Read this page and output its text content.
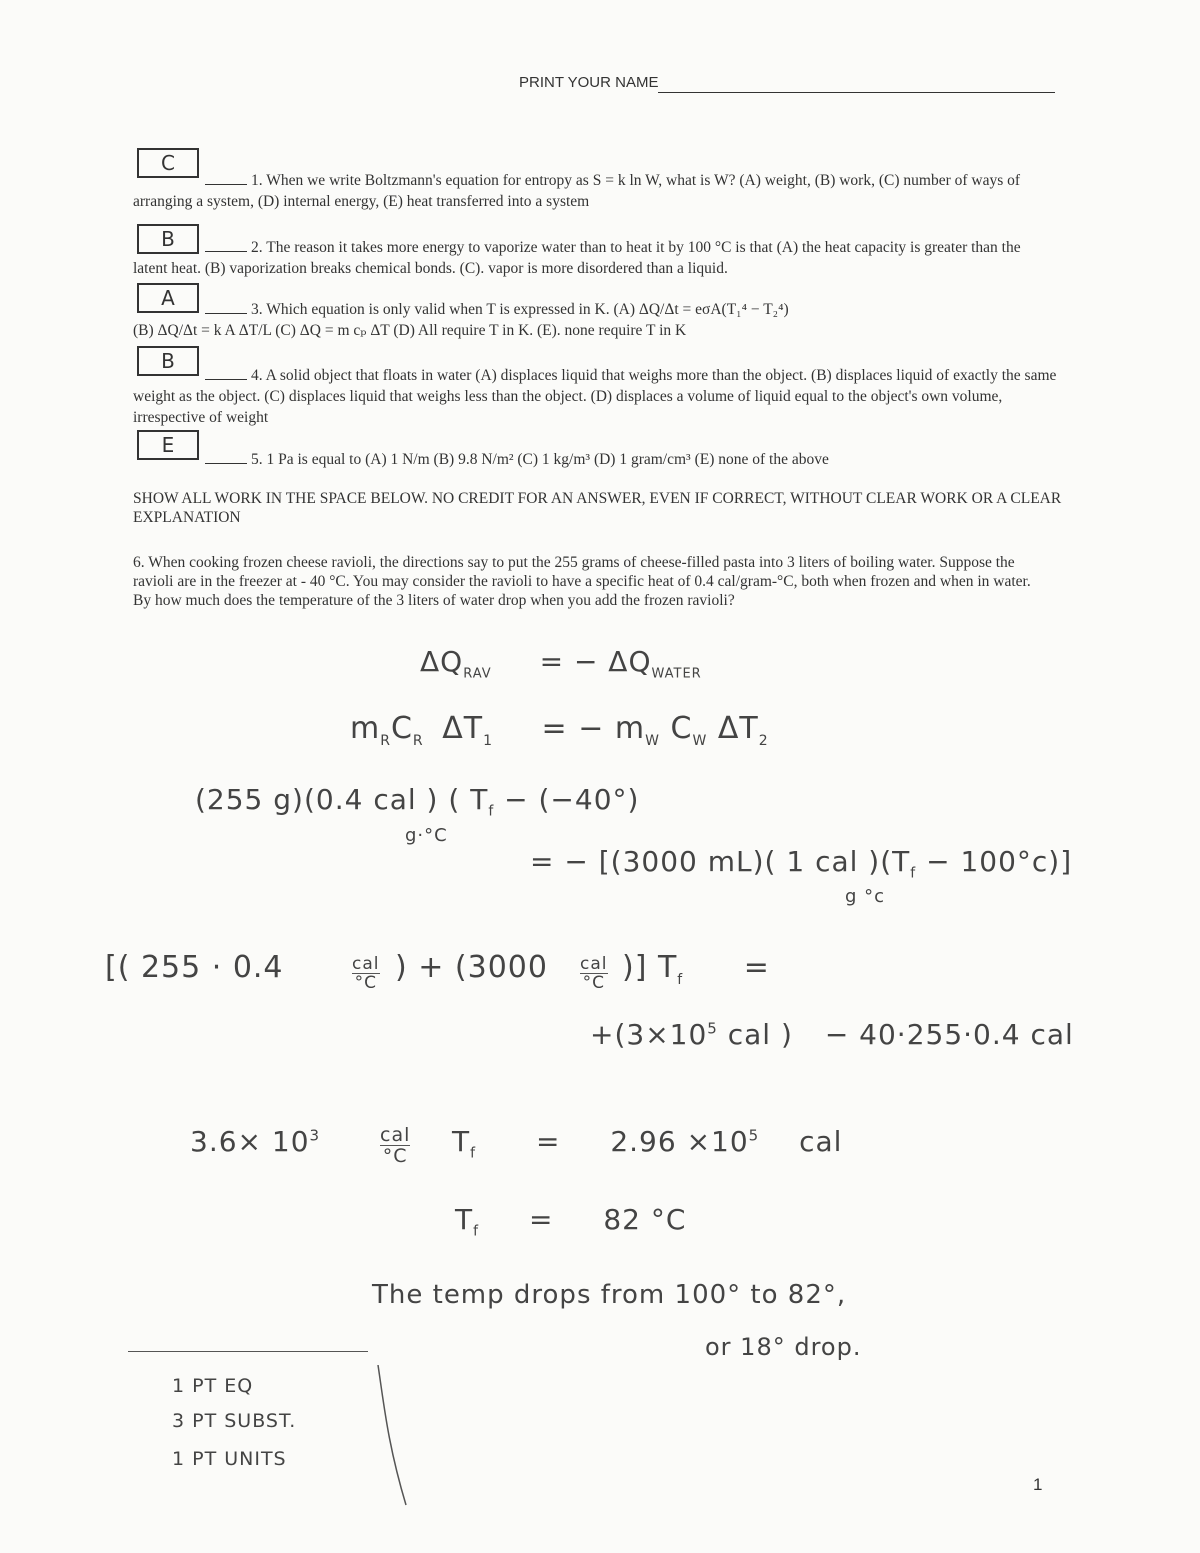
PRINT YOUR NAME
C
1. When we write Boltzmann's equation for entropy as S = k ln W, what is W? (A) weight, (B) work, (C) number of ways of arranging a system, (D) internal energy, (E) heat transferred into a system
B	2. The reason it takes more energy to vaporize water than to heat it by 100 °C is that (A) the heat capacity is greater than the latent heat. (B) vaporization breaks chemical bonds. (C). vapor is more disordered than a liquid.
A	3. Which equation is only valid when T is expressed in K. (A) ΔQ/Δt = eσA(T₁⁴ − T₂⁴)
(B) ΔQ/Δt = k A ΔT/L (C) ΔQ = m cₚ ΔT (D) All require T in K. (E). none require T in K
B
4. A solid object that floats in water (A) displaces liquid that weighs more than the object. (B) displaces liquid of exactly the same weight as the object. (C) displaces liquid that weighs less than the object. (D) displaces a volume of liquid equal to the object's own volume, irrespective of weight
E
5. 1 Pa is equal to (A) 1 N/m (B) 9.8 N/m² (C) 1 kg/m³ (D) 1 gram/cm³ (E) none of the above
SHOW ALL WORK IN THE SPACE BELOW. NO CREDIT FOR AN ANSWER, EVEN IF CORRECT, WITHOUT CLEAR WORK OR A CLEAR EXPLANATION
6. When cooking frozen cheese ravioli, the directions say to put the 255 grams of cheese-filled pasta into 3 liters of boiling water. Suppose the ravioli are in the freezer at - 40 °C. You may consider the ravioli to have a specific heat of 0.4 cal/gram-°C, both when frozen and when in water. By how much does the temperature of the 3 liters of water drop when you add the frozen ravioli?
$\Delta Q_{RAV}$ = − $\Delta Q_{WATER}$
$m_RC_R$ $\Delta T_1$ = − $m_W$ $C_W$ $\Delta T_2$
(255 g)(0.4 cal ) ( $T_f - (-40^\circ)$
g·°C
= − [(3000 mL)( 1 cal )$(T_f - 100^\circ c)$]
g °c
[( 255 · 0.4	cal
°C ) + (3000 cal
°C )] $T_f$ =
$+(3\times 10^5$ cal ) − 40·255·0.4 cal
$3.6\times 10^3$	cal
°C $T_f = 2.96 \times 10^5$ cal
$T_f = 82$ °C
The temp drops from 100° to 82°,
or 18° drop.
1 PT EQ
3 PT SUBST.
1 PT UNITS
1
